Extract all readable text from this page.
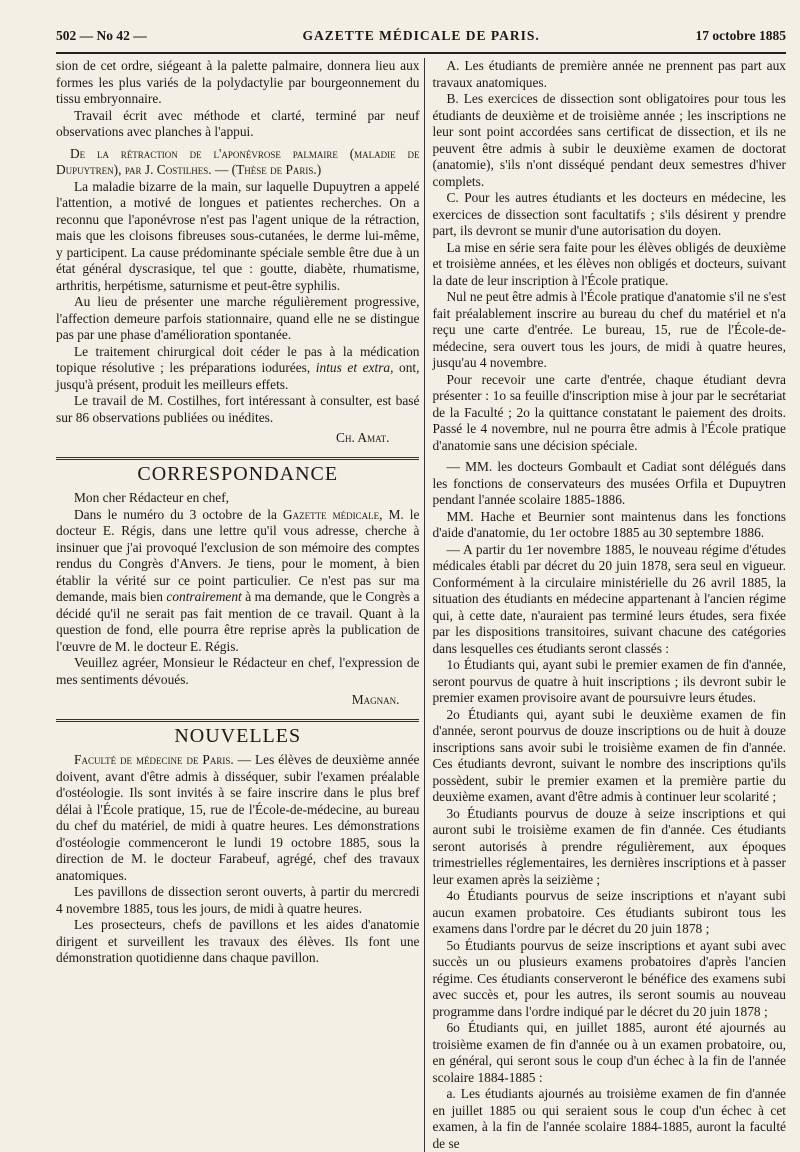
502 — No 42 —	GAZETTE MÉDICALE DE PARIS.	17 octobre 1885

sion de cet ordre, siégeant à la palette palmaire, donnera lieu aux formes les plus variés de la polydactylie par bourgeonnement du tissu embryonnaire.

Travail écrit avec méthode et clarté, terminé par neuf observations avec planches à l'appui.

De la rétraction de l'aponévrose palmaire (maladie de Dupuytren), par J. Costilhes. — (Thèse de Paris.)

La maladie bizarre de la main, sur laquelle Dupuytren a appelé l'attention, a motivé de longues et patientes recherches. On a reconnu que l'aponévrose n'est pas l'agent unique de la rétraction, mais que les cloisons fibreuses sous-cutanées, le derme lui-même, y participent. La cause prédominante spéciale semble être due à un état général dyscrasique, tel que : goutte, diabète, rhumatisme, arthritis, herpétisme, saturnisme et peut-être syphilis.

Au lieu de présenter une marche régulièrement progressive, l'affection demeure parfois stationnaire, quand elle ne se distingue pas par une phase d'amélioration spontanée.

Le traitement chirurgical doit céder le pas à la médication topique résolutive ; les préparations iodurées, intus et extra, ont, jusqu'à présent, produit les meilleurs effets.

Le travail de M. Costilhes, fort intéressant à consulter, est basé sur 86 observations publiées ou inédites.

Ch. Amat.
CORRESPONDANCE

Mon cher Rédacteur en chef,

Dans le numéro du 3 octobre de la Gazette médicale, M. le docteur E. Régis, dans une lettre qu'il vous adresse, cherche à insinuer que j'ai provoqué l'exclusion de son mémoire des comptes rendus du Congrès d'Anvers. Je tiens, pour le moment, à bien établir la vérité sur ce point particulier. Ce n'est pas sur ma demande, mais bien contrairement à ma demande, que le Congrès a décidé qu'il ne serait pas fait mention de ce travail. Quant à la question de fond, elle pourra être reprise après la publication de l'œuvre de M. le docteur E. Régis.

Veuillez agréer, Monsieur le Rédacteur en chef, l'expression de mes sentiments dévoués.

Magnan.
NOUVELLES

Faculté de médecine de Paris. — Les élèves de deuxième année doivent, avant d'être admis à disséquer, subir l'examen préalable d'ostéologie. Ils sont invités à se faire inscrire dans le plus bref délai à l'École pratique, 15, rue de l'École-de-médecine, au bureau du chef du matériel, de midi à quatre heures. Les démonstrations d'ostéologie commenceront le lundi 19 octobre 1885, sous la direction de M. le docteur Farabeuf, agrégé, chef des travaux anatomiques.

Les pavillons de dissection seront ouverts, à partir du mercredi 4 novembre 1885, tous les jours, de midi à quatre heures.

Les prosecteurs, chefs de pavillons et les aides d'anatomie dirigent et surveillent les travaux des élèves. Ils font une démonstration quotidienne dans chaque pavillon.

A. Les étudiants de première année ne prennent pas part aux travaux anatomiques.

B. Les exercices de dissection sont obligatoires pour tous les étudiants de deuxième et de troisième année ; les inscriptions ne leur sont point accordées sans certificat de dissection, et ils ne peuvent être admis à subir le deuxième examen de doctorat (anatomie), s'ils n'ont disséqué pendant deux semestres d'hiver complets.

C. Pour les autres étudiants et les docteurs en médecine, les exercices de dissection sont facultatifs ; s'ils désirent y prendre part, ils devront se munir d'une autorisation du doyen.

La mise en série sera faite pour les élèves obligés de deuxième et troisième années, et les élèves non obligés et docteurs, suivant la date de leur inscription à l'École pratique.

Nul ne peut être admis à l'École pratique d'anatomie s'il ne s'est fait préalablement inscrire au bureau du chef du matériel et n'a reçu une carte d'entrée. Le bureau, 15, rue de l'École-de-médecine, sera ouvert tous les jours, de midi à quatre heures, jusqu'au 4 novembre.

Pour recevoir une carte d'entrée, chaque étudiant devra présenter : 1o sa feuille d'inscription mise à jour par le secrétariat de la Faculté ; 2o la quittance constatant le paiement des droits. Passé le 4 novembre, nul ne pourra être admis à l'École pratique d'anatomie sans une décision spéciale.

— MM. les docteurs Gombault et Cadiat sont délégués dans les fonctions de conservateurs des musées Orfila et Dupuytren pendant l'année scolaire 1885-1886.

MM. Hache et Beurnier sont maintenus dans les fonctions d'aide d'anatomie, du 1er octobre 1885 au 30 septembre 1886.

— A partir du 1er novembre 1885, le nouveau régime d'études médicales établi par décret du 20 juin 1878, sera seul en vigueur. Conformément à la circulaire ministérielle du 26 avril 1885, la situation des étudiants en médecine appartenant à l'ancien régime qui, à cette date, n'auraient pas terminé leurs études, sera fixée par les dispositions transitoires, suivant chacune des catégories dans lesquelles ces étudiants seront classés :

1o Étudiants qui, ayant subi le premier examen de fin d'année, seront pourvus de quatre à huit inscriptions ; ils devront subir le premier examen provisoire avant de poursuivre leurs études.

2o Étudiants qui, ayant subi le deuxième examen de fin d'année, seront pourvus de douze inscriptions ou de huit à douze inscriptions sans avoir subi le troisième examen de fin d'année. Ces étudiants devront, suivant le nombre des inscriptions qu'ils possèdent, subir le premier examen et la première partie du deuxième examen, avant d'être admis à continuer leur scolarité ;

3o Étudiants pourvus de douze à seize inscriptions et qui auront subi le troisième examen de fin d'année. Ces étudiants seront autorisés à prendre régulièrement, aux époques trimestrielles réglementaires, les dernières inscriptions et à passer leur examen après la seizième ;

4o Étudiants pourvus de seize inscriptions et n'ayant subi aucun examen probatoire. Ces étudiants subiront tous les examens dans l'ordre par le décret du 20 juin 1878 ;

5o Étudiants pourvus de seize inscriptions et ayant subi avec succès un ou plusieurs examens probatoires d'après l'ancien régime. Ces étudiants conserveront le bénéfice des examens subi avec succès et, pour les autres, ils seront soumis au nouveau programme dans l'ordre indiqué par le décret du 20 juin 1878 ;

6o Étudiants qui, en juillet 1885, auront été ajournés au troisième examen de fin d'année ou à un examen probatoire, ou, en général, qui seront sous le coup d'un échec à la fin de l'année scolaire 1884-1885 :

a. Les étudiants ajournés au troisième examen de fin d'année en juillet 1885 ou qui seraient sous le coup d'un échec à cet examen, à la fin de l'année scolaire 1884-1885, auront la faculté de se
